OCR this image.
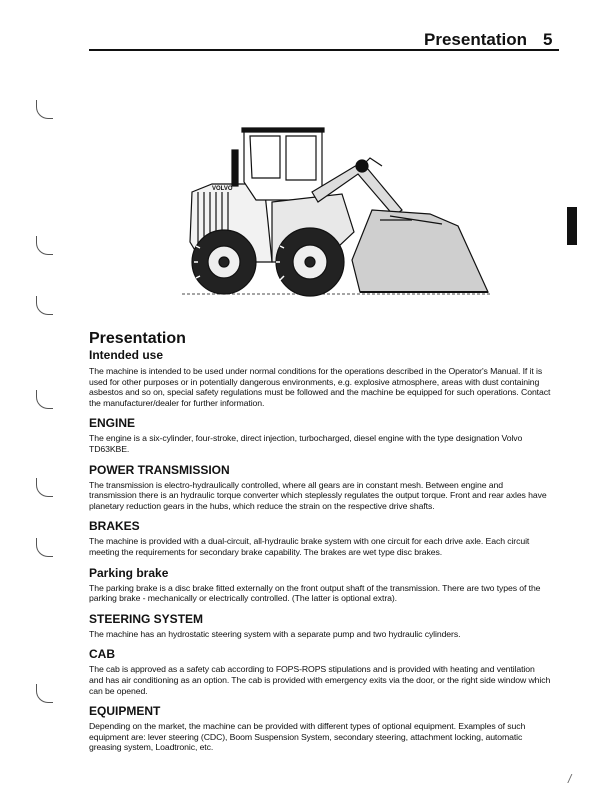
Presentation 5
VOLVO
Presentation
Intended use

The machine is intended to be used under normal conditions for the operations described in the Operator's Manual. If it is used for other purposes or in potentially dangerous environments, e.g. explosive atmosphere, areas with dust containing asbestos and so on, special safety regulations must be followed and the machine be equipped for such operations. Contact the manufacturer/dealer for further information.

ENGINE

The engine is a six-cylinder, four-stroke, direct injection, turbocharged, diesel engine with the type designation Volvo TD63KBE.

POWER TRANSMISSION

The transmission is electro-hydraulically controlled, where all gears are in constant mesh. Between engine and transmission there is an hydraulic torque converter which steplessly regulates the output torque. Front and rear axles have planetary reduction gears in the hubs, which reduce the strain on the respective drive shafts.

BRAKES

The machine is provided with a dual-circuit, all-hydraulic brake system with one circuit for each drive axle. Each circuit meeting the requirements for secondary brake capability. The brakes are wet type disc brakes.

Parking brake

The parking brake is a disc brake fitted externally on the front output shaft of the transmission. There are two types of the parking brake - mechanically or electrically controlled. (The latter is optional extra).

STEERING SYSTEM

The machine has an hydrostatic steering system with a separate pump and two hydraulic cylinders.

CAB

The cab is approved as a safety cab according to FOPS-ROPS stipulations and is provided with heating and ventilation and has air conditioning as an option. The cab is provided with emergency exits via the door, or the right side window which can be opened.

EQUIPMENT

Depending on the market, the machine can be provided with different types of optional equipment. Examples of such equipment are: lever steering (CDC), Boom Suspension System, secondary steering, attachment locking, automatic greasing system, Loadtronic, etc.

/
